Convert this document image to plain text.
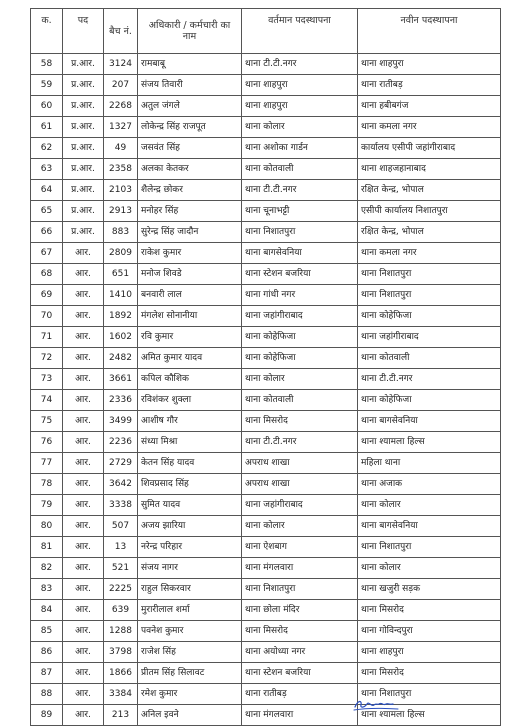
क.	पद	बैच नं.	अधिकारी / कर्मचारी का नाम	वर्तमान पदस्थापना	नवीन पदस्थापना
58	प्र.आर.	3124	रामबाबू	थाना टी.टी.नगर	थाना शाहपुरा
59	प्र.आर.	207	संजय तिवारी	थाना शाहपुरा	थाना रातीबड़
60	प्र.आर.	2268	अतुल जंगले	थाना शाहपुरा	थाना हबीबगंज
61	प्र.आर.	1327	लोकेन्द्र सिंह राजपूत	थाना कोलार	थाना कमला नगर
62	प्र.आर.	49	जसवंत सिंह	थाना अशोका गार्डन	कार्यालय एसीपी जहांगीराबाद
63	प्र.आर.	2358	अलका केतकर	थाना कोतवाली	थाना शाहजहानाबाद
64	प्र.आर.	2103	शैलेन्द्र छोकर	थाना टी.टी.नगर	रक्षित केन्द्र, भोपाल
65	प्र.आर.	2913	मनोहर सिंह	थाना चूनाभट्टी	एसीपी कार्यालय निशातपुरा
66	प्र.आर.	883	सुरेन्द्र सिंह जादौन	थाना निशातपुरा	रक्षित केन्द्र, भोपाल
67	आर.	2809	राकेश कुमार	थाना बागसेवनिया	थाना कमला नगर
68	आर.	651	मनोज शिवडे	थाना स्टेशन बजरिया	थाना निशातपुरा
69	आर.	1410	बनवारी लाल	थाना गांधी नगर	थाना निशातपुरा
70	आर.	1892	मंगलेश सोनानीया	थाना जहांगीराबाद	थाना कोहेफिजा
71	आर.	1602	रवि कुमार	थाना कोहेफिजा	थाना जहांगीराबाद
72	आर.	2482	अमित कुमार यादव	थाना कोहेफिजा	थाना कोतवाली
73	आर.	3661	कपिल कौशिक	थाना कोलार	थाना टी.टी.नगर
74	आर.	2336	रविशंकर शुक्ला	थाना कोतवाली	थाना कोहेफिजा
75	आर.	3499	आशीष गौर	थाना मिसरोद	थाना बागसेवनिया
76	आर.	2236	संध्या मिश्रा	थाना टी.टी.नगर	थाना श्यामला हिल्स
77	आर.	2729	केतन सिंह यादव	अपराध शाखा	महिला थाना
78	आर.	3642	शिवप्रसाद सिंह	अपराध शाखा	थाना अजाक
79	आर.	3338	सुमित यादव	थाना जहांगीराबाद	थाना कोलार
80	आर.	507	अजय झारिया	थाना कोलार	थाना बागसेवनिया
81	आर.	13	नरेन्द्र परिहार	थाना ऐशबाग	थाना निशातपुरा
82	आर.	521	संजय नागर	थाना मंगलवारा	थाना कोलार
83	आर.	2225	राहुल सिकरवार	थाना निशातपुरा	थाना खजुरी सड़क
84	आर.	639	मुरारीलाल शर्मा	थाना छोला मंदिर	थाना मिसरोद
85	आर.	1288	पवनेश कुमार	थाना मिसरोद	थाना गोविन्दपुरा
86	आर.	3798	राजेश सिंह	थाना अयोध्या नगर	थाना शाहपुरा
87	आर.	1866	प्रीतम सिंह सिलावट	थाना स्टेशन बजरिया	थाना मिसरोद
88	आर.	3384	रमेश कुमार	थाना रातीबड़	थाना निशातपुरा
89	आर.	213	अनिल इवने	थाना मंगलवारा	थाना श्यामला हिल्स
